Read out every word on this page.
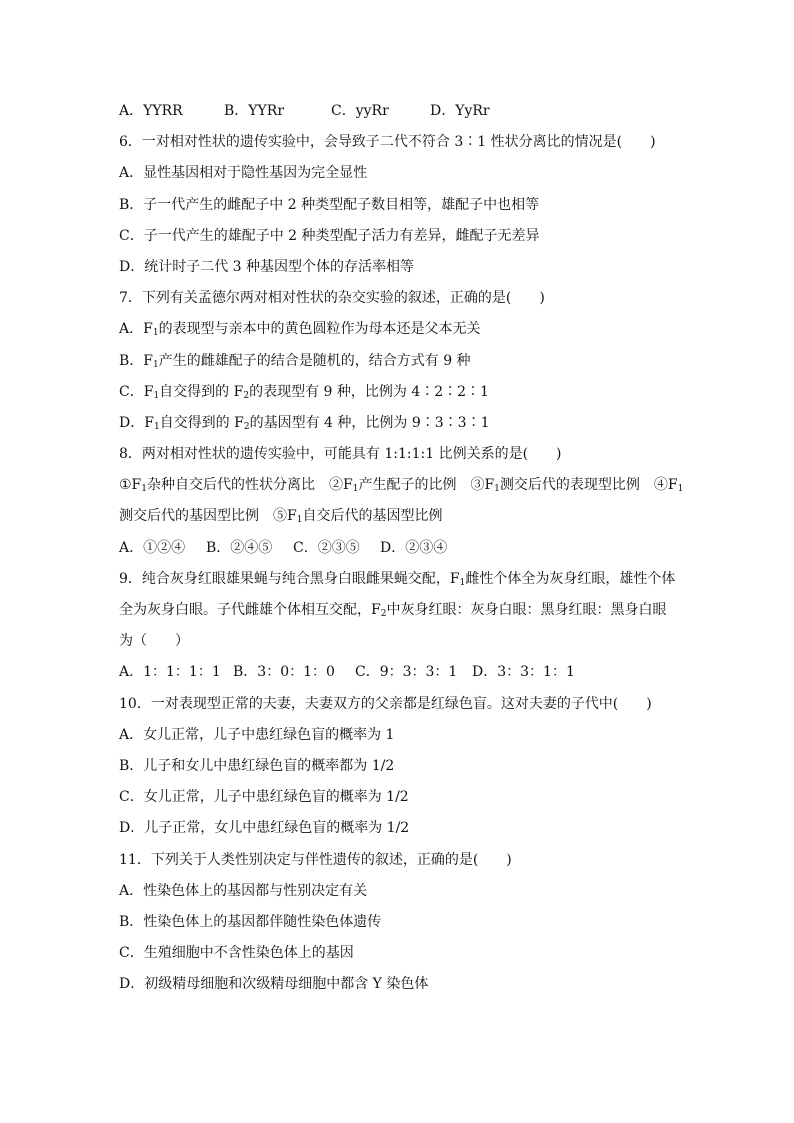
A．YYRR	B．YYRr	C．yyRr	D．YyRr
6．一对相对性状的遗传实验中，会导致子二代不符合 3∶1 性状分离比的情况是(　　)
A．显性基因相对于隐性基因为完全显性
B．子一代产生的雌配子中 2 种类型配子数目相等，雄配子中也相等
C．子一代产生的雄配子中 2 种类型配子活力有差异，雌配子无差异
D．统计时子二代 3 种基因型个体的存活率相等
7．下列有关孟德尔两对相对性状的杂交实验的叙述，正确的是(　　)
A．$F_1$的表现型与亲本中的黄色圆粒作为母本还是父本无关
B．$F_1$产生的雌雄配子的结合是随机的，结合方式有 9 种
C．$F_1$自交得到的 $F_2$的表现型有 9 种，比例为 4∶2∶2∶1
D．$F_1$自交得到的 $F_2$的基因型有 4 种，比例为 9∶3∶3∶1
8．两对相对性状的遗传实验中，可能具有 1:1:1:1 比例关系的是(　　)
$①F_1$杂种自交后代的性状分离比　$②F_1$产生配子的比例　$③F_1$测交后代的表现型比例　$④F_1$
测交后代的基因型比例　$⑤F_1$自交后代的基因型比例
A．①②④	B．②④⑤	C．②③⑤	D．②③④
9．纯合灰身红眼雄果蝇与纯合黑身白眼雌果蝇交配，$F_1$雌性个体全为灰身红眼，雄性个体
全为灰身白眼。子代雌雄个体相互交配，$F_2$中灰身红眼：灰身白眼：黑身红眼：黑身白眼
为（　　）
A．1：1：1：1 B．3：0：1：0	C．9：3：3：1	D．3：3：1：1
10．一对表现型正常的夫妻，夫妻双方的父亲都是红绿色盲。这对夫妻的子代中(　　)
A．女儿正常，儿子中患红绿色盲的概率为 1
B．儿子和女儿中患红绿色盲的概率都为 1/2
C．女儿正常，儿子中患红绿色盲的概率为 1/2
D．儿子正常，女儿中患红绿色盲的概率为 1/2
11．下列关于人类性别决定与伴性遗传的叙述，正确的是(　　)
A．性染色体上的基因都与性别决定有关
B．性染色体上的基因都伴随性染色体遗传
C．生殖细胞中不含性染色体上的基因
D．初级精母细胞和次级精母细胞中都含 Y 染色体
